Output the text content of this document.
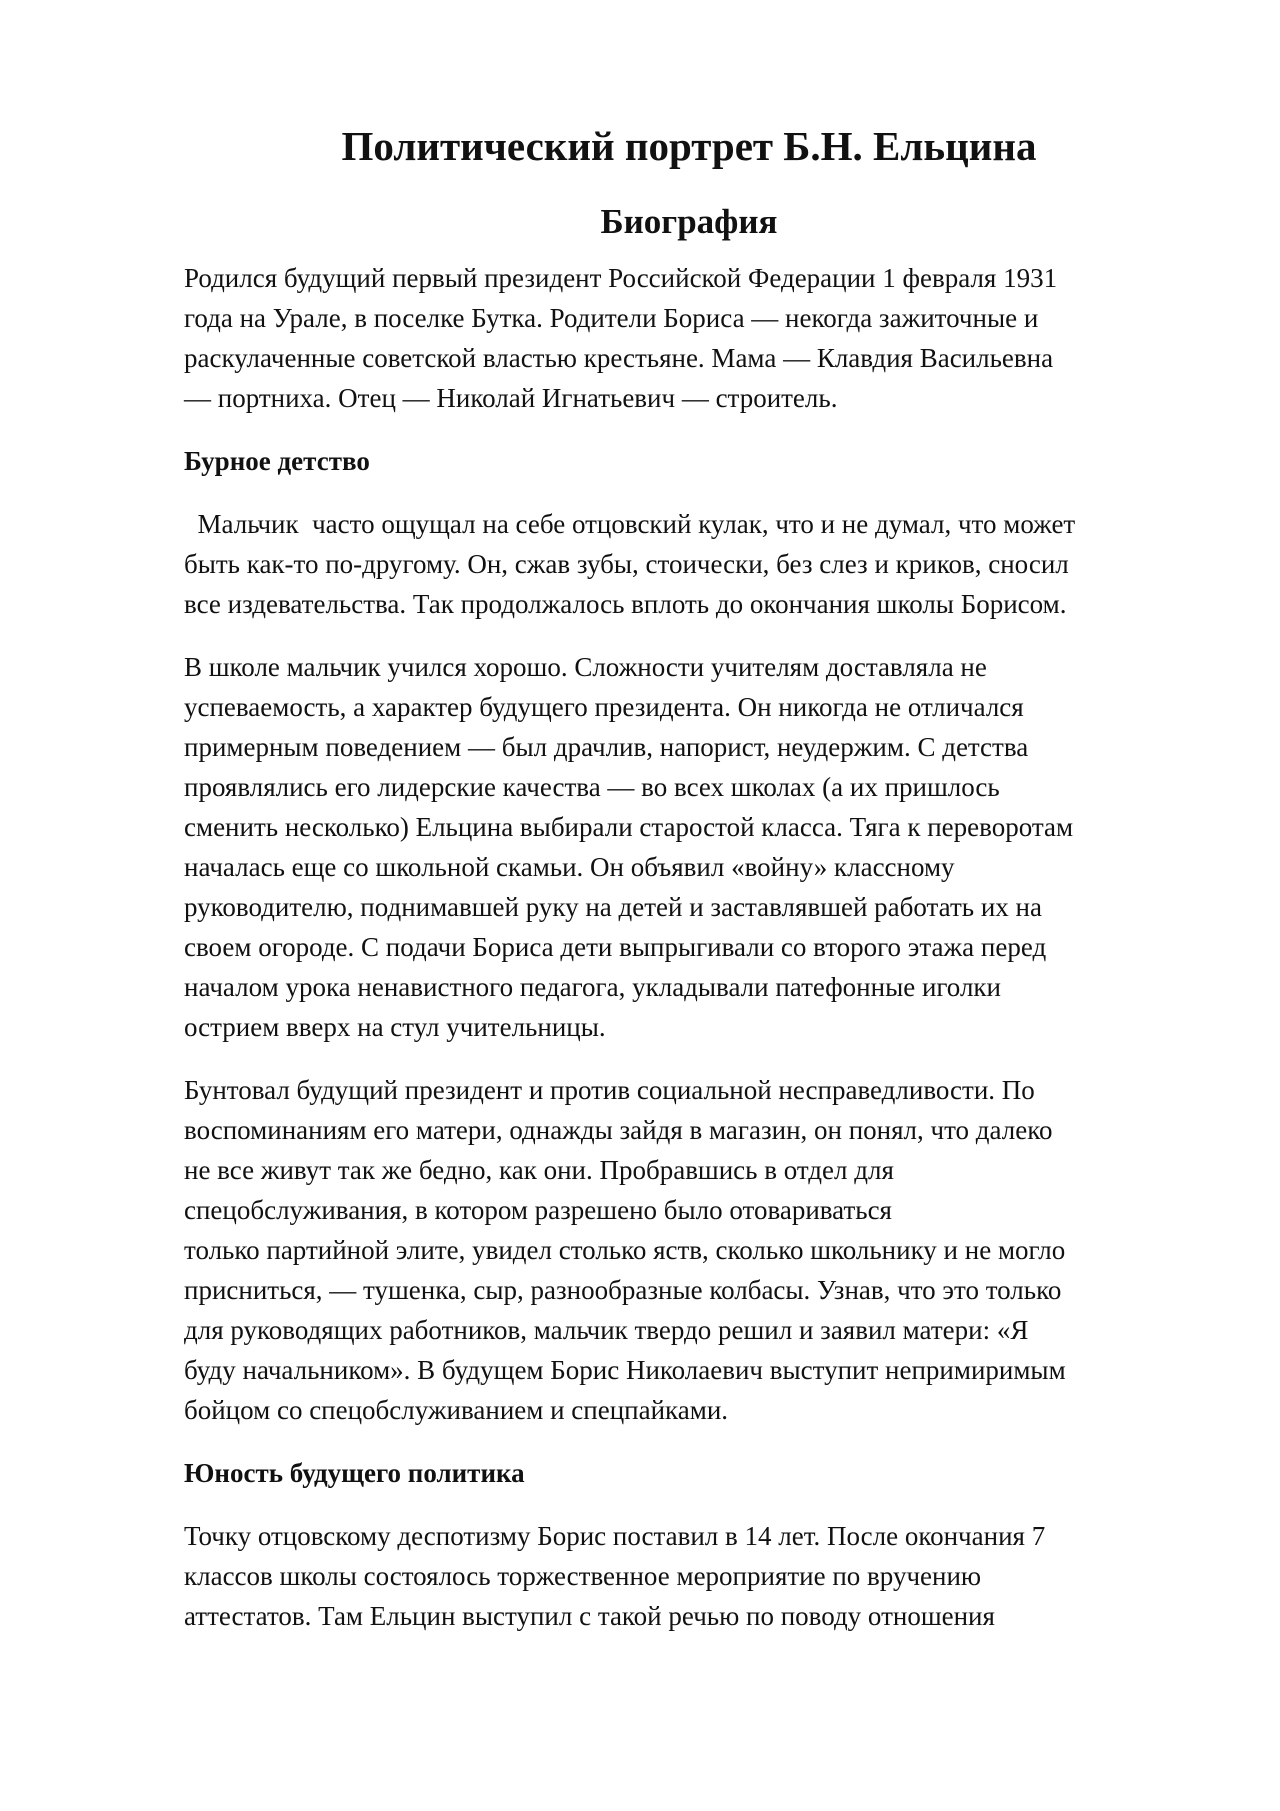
Политический портрет Б.Н. Ельцина
Биография

Родился будущий первый президент Российской Федерации 1 февраля 1931
года на Урале, в поселке Бутка. Родители Бориса — некогда зажиточные и
раскулаченные советской властью крестьяне. Мама — Клавдия Васильевна
— портниха. Отец — Николай Игнатьевич — строитель.

Бурное детство

Мальчик  часто ощущал на себе отцовский кулак, что и не думал, что может
быть как-то по-другому. Он, сжав зубы, стоически, без слез и криков, сносил
все издевательства. Так продолжалось вплоть до окончания школы Борисом.

В школе мальчик учился хорошо. Сложности учителям доставляла не
успеваемость, а характер будущего президента. Он никогда не отличался
примерным поведением — был драчлив, напорист, неудержим. С детства
проявлялись его лидерские качества — во всех школах (а их пришлось
сменить несколько) Ельцина выбирали старостой класса. Тяга к переворотам
началась еще со школьной скамьи. Он объявил «войну» классному
руководителю, поднимавшей руку на детей и заставлявшей работать их на
своем огороде. С подачи Бориса дети выпрыгивали со второго этажа перед
началом урока ненавистного педагога, укладывали патефонные иголки
острием вверх на стул учительницы.

Бунтовал будущий президент и против социальной несправедливости. По
воспоминаниям его матери, однажды зайдя в магазин, он понял, что далеко
не все живут так же бедно, как они. Пробравшись в отдел для
спецобслуживания, в котором разрешено было отовариваться
только партийной элите, увидел столько яств, сколько школьнику и не могло
присниться, — тушенка, сыр, разнообразные колбасы. Узнав, что это только
для руководящих работников, мальчик твердо решил и заявил матери: «Я
буду начальником». В будущем Борис Николаевич выступит непримиримым
бойцом со спецобслуживанием и спецпайками.

Юность будущего политика

Точку отцовскому деспотизму Борис поставил в 14 лет. После окончания 7
классов школы состоялось торжественное мероприятие по вручению
аттестатов. Там Ельцин выступил с такой речью по поводу отношения
